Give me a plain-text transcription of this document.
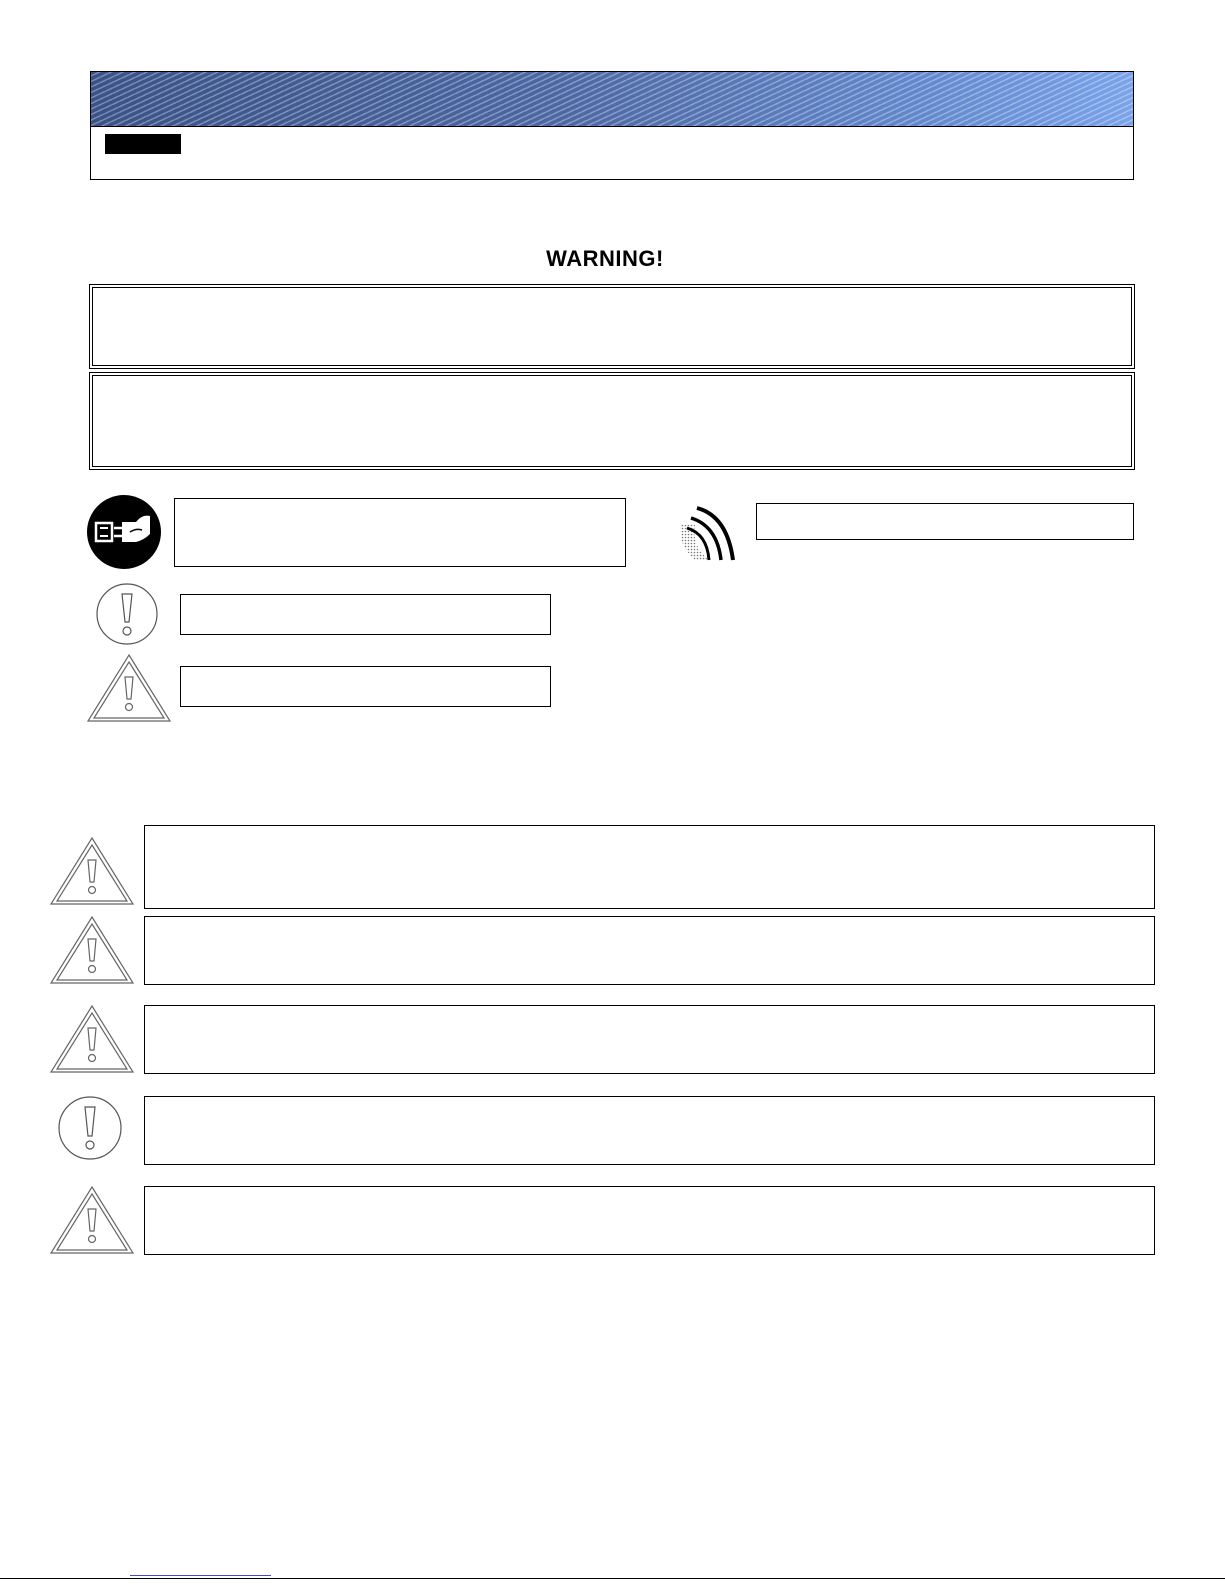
WARNING!
